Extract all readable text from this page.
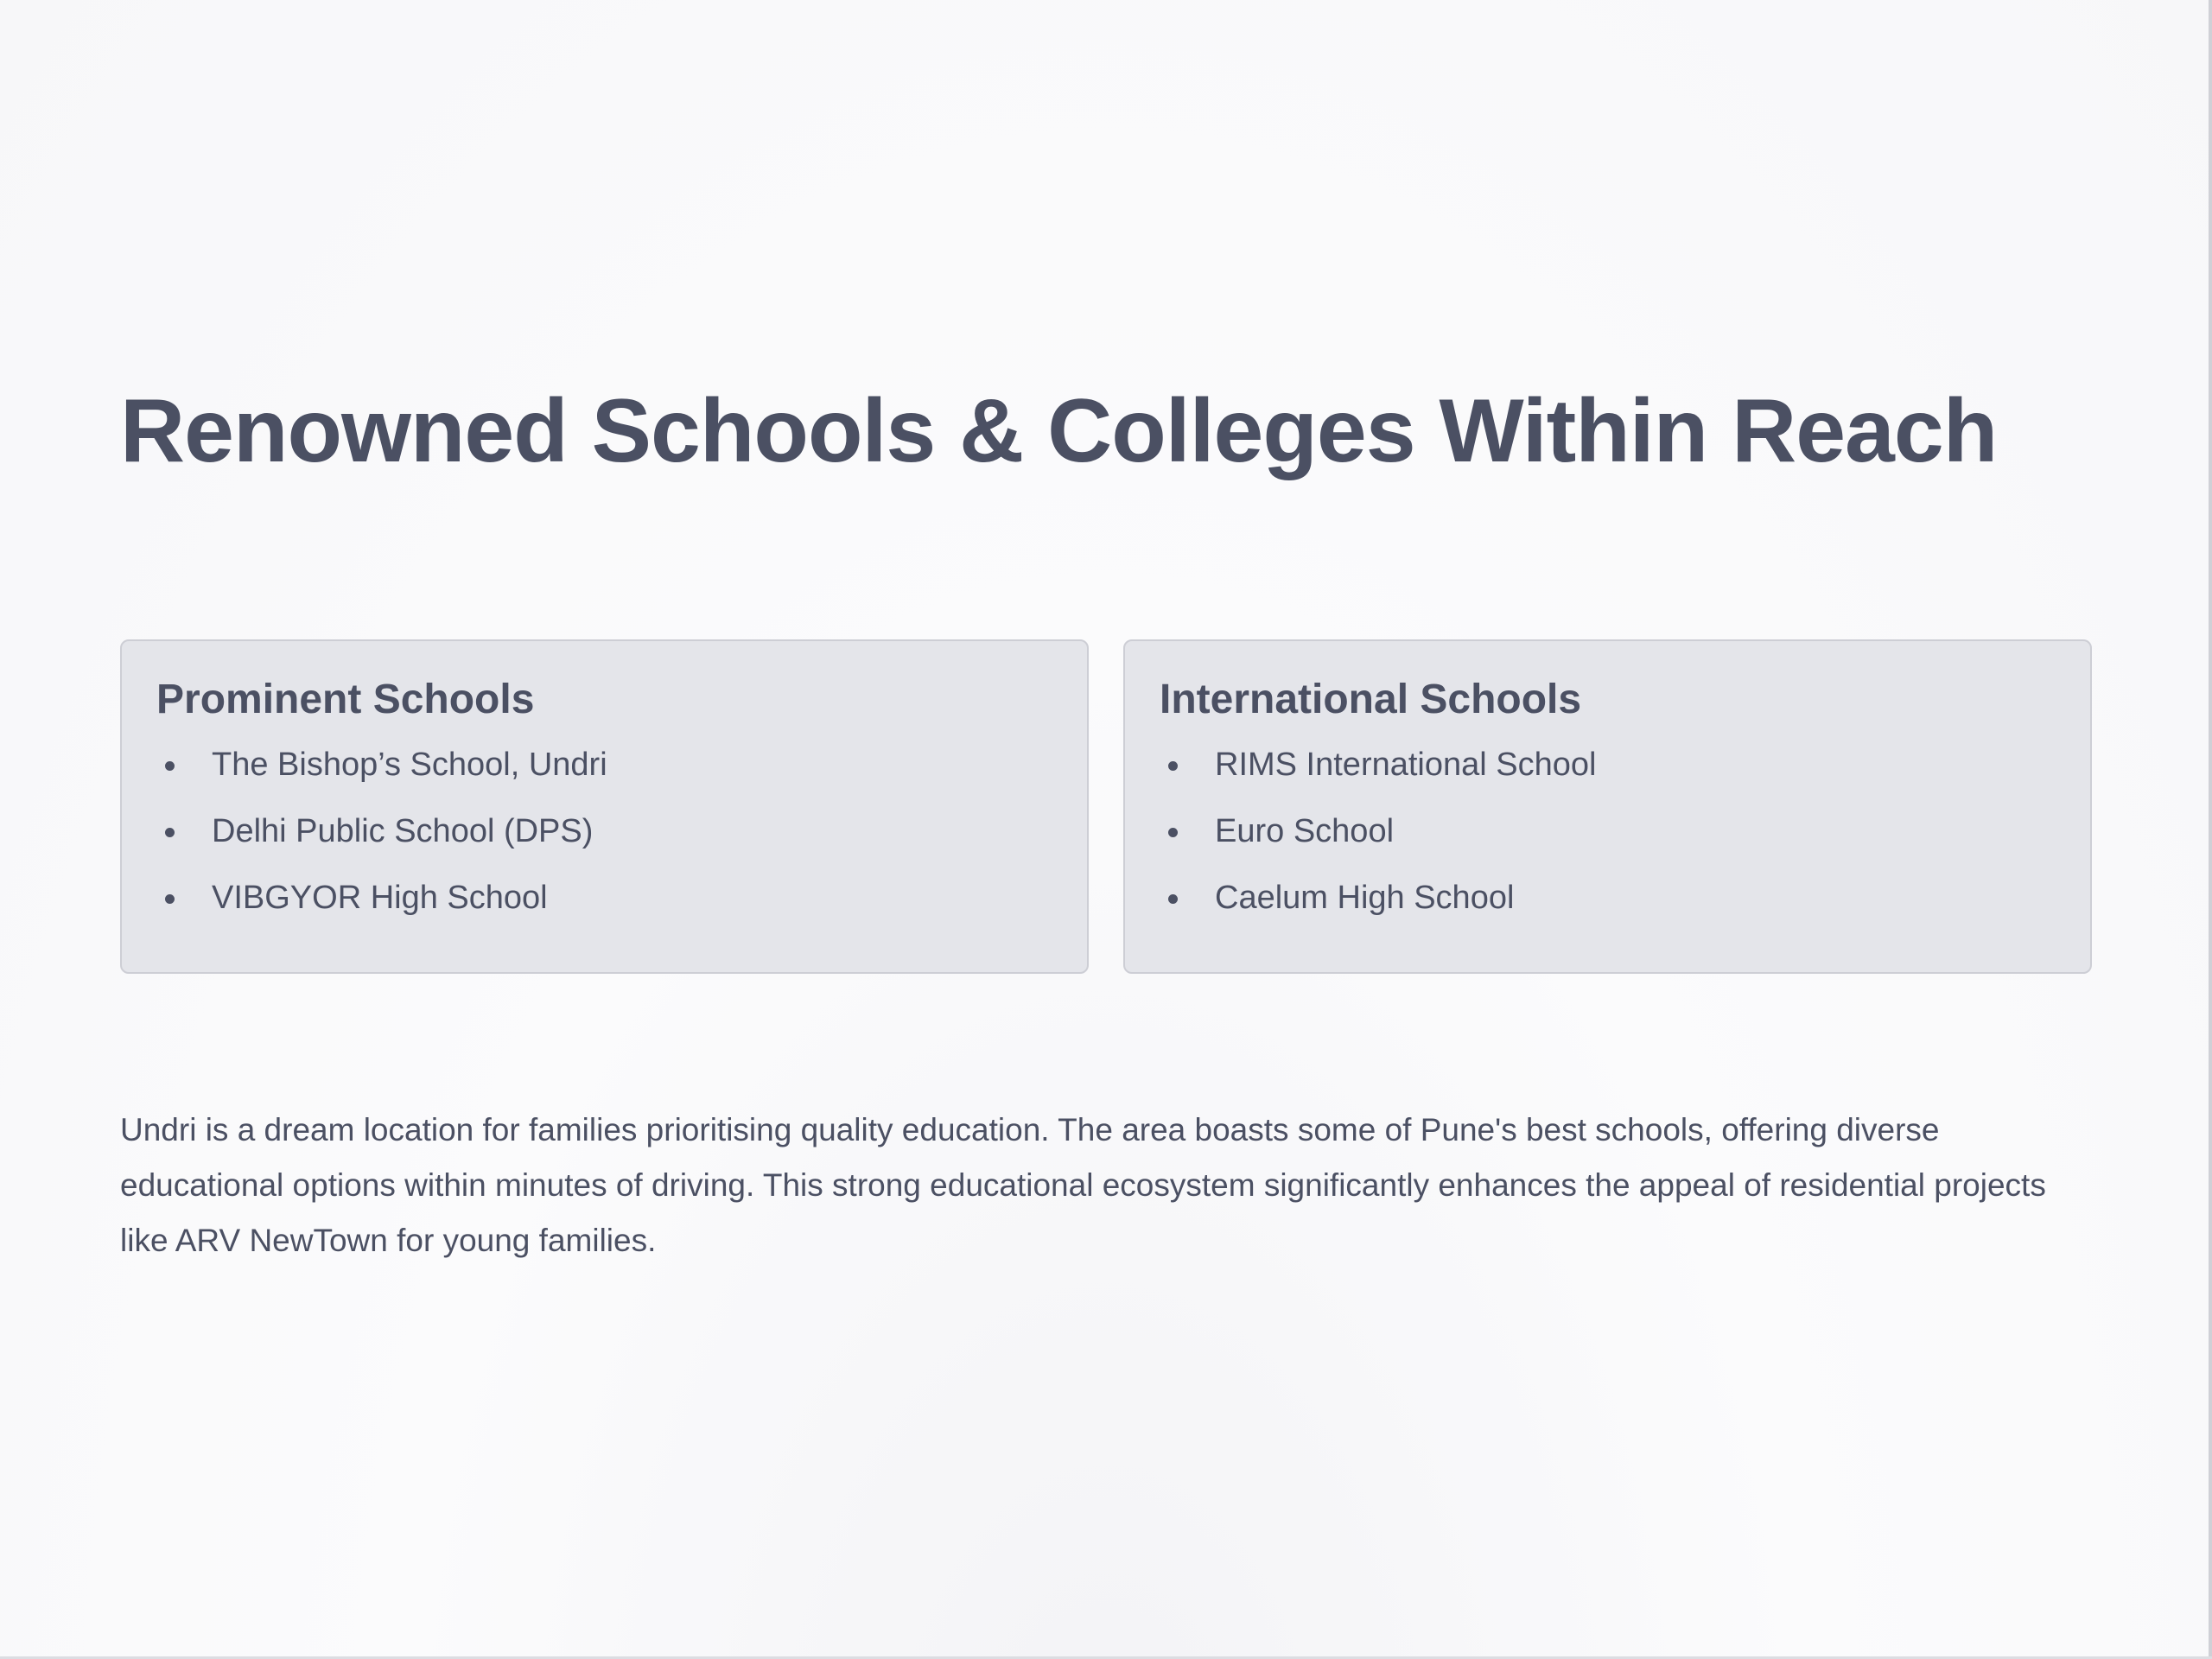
Renowned Schools & Colleges Within Reach
Prominent Schools
The Bishop’s School, Undri
Delhi Public School (DPS)
VIBGYOR High School
International Schools
RIMS International School
Euro School
Caelum High School

Undri is a dream location for families prioritising quality education. The area boasts some of Pune's best schools, offering diverse educational options within minutes of driving. This strong educational ecosystem significantly enhances the appeal of residential projects like ARV NewTown for young families.
